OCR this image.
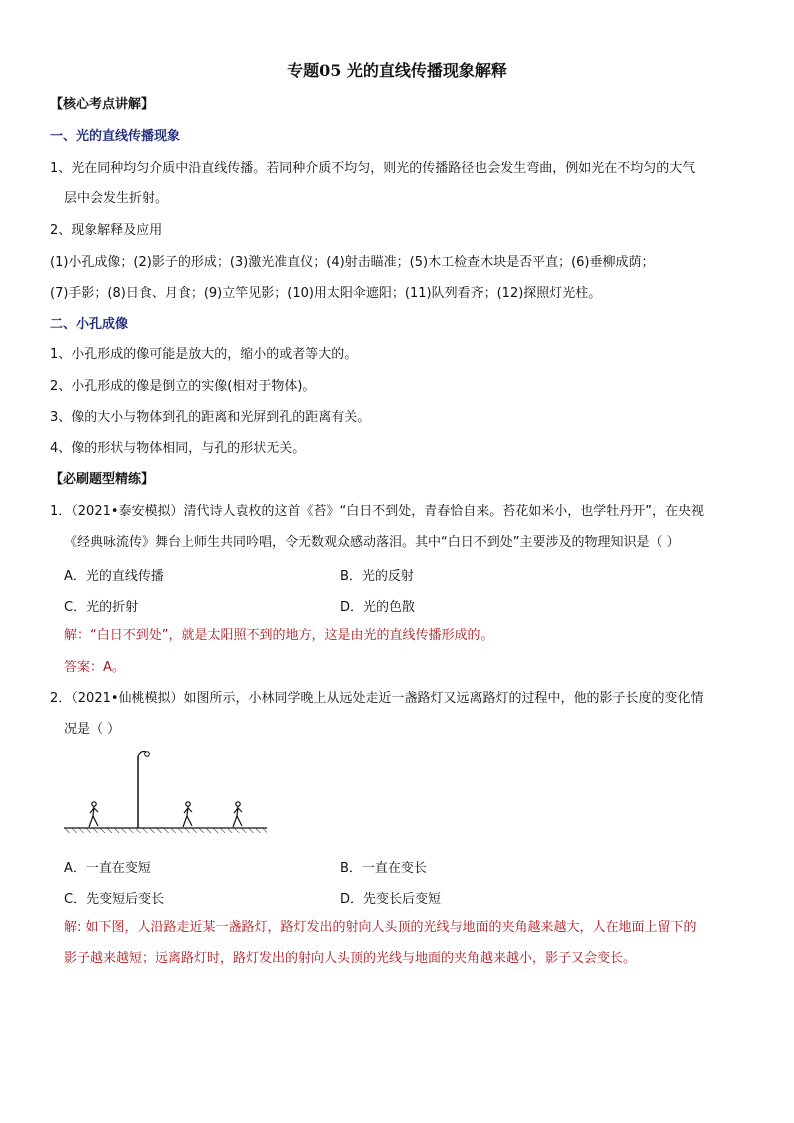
专题05 光的直线传播现象解释
【核心考点讲解】
一、光的直线传播现象
1、光在同种均匀介质中沿直线传播。若同种介质不均匀，则光的传播路径也会发生弯曲，例如光在不均匀的大气
层中会发生折射。
2、现象解释及应用
(1)小孔成像；(2)影子的形成；(3)激光准直仪；(4)射击瞄准；(5)木工检查木块是否平直；(6)垂柳成荫；
(7)手影；(8)日食、月食；(9)立竿见影；(10)用太阳伞遮阳；(11)队列看齐；(12)探照灯光柱。
二、小孔成像
1、小孔形成的像可能是放大的，缩小的或者等大的。
2、小孔形成的像是倒立的实像(相对于物体)。
3、像的大小与物体到孔的距离和光屏到孔的距离有关。
4、像的形状与物体相同，与孔的形状无关。
【必刷题型精练】
1．（2021•泰安模拟）清代诗人袁枚的这首《苔》“白日不到处，青春恰自来。苔花如米小，也学牡丹开”，在央视
《经典咏流传》舞台上师生共同吟唱，令无数观众感动落泪。其中“白日不到处”主要涉及的物理知识是（ ）
A．光的直线传播	B．光的反射
C．光的折射	D．光的色散
解：“白日不到处”，就是太阳照不到的地方，这是由光的直线传播形成的。
答案：A。
2．（2021•仙桃模拟）如图所示，小林同学晚上从远处走近一盏路灯又远离路灯的过程中，他的影子长度的变化情
况是（ ）
A．一直在变短	B．一直在变长
C．先变短后变长	D．先变长后变短
解: 如下图，人沿路走近某一盏路灯，路灯发出的射向人头顶的光线与地面的夹角越来越大，人在地面上留下的
影子越来越短；远离路灯时，路灯发出的射向人头顶的光线与地面的夹角越来越小，影子又会变长。
